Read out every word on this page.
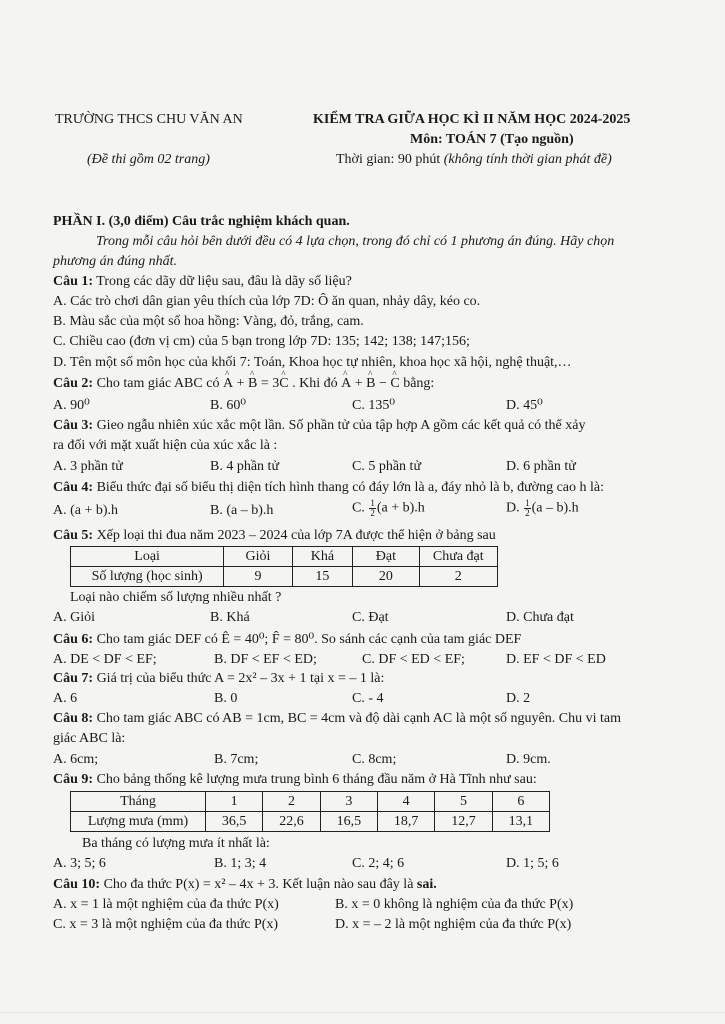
TRƯỜNG THCS CHU VĂN AN	KIỂM TRA GIỮA HỌC KÌ II NĂM HỌC 2024-2025
Môn: TOÁN 7 (Tạo nguồn)
(Đề thi gồm 02 trang)	Thời gian: 90 phút (không tính thời gian phát đề)
PHẦN I. (3,0 điểm) Câu trắc nghiệm khách quan.
Trong mỗi câu hỏi bên dưới đều có 4 lựa chọn, trong đó chỉ có 1 phương án đúng. Hãy chọn
phương án đúng nhất.
Câu 1: Trong các dãy dữ liệu sau, đâu là dãy số liệu?
A. Các trò chơi dân gian yêu thích của lớp 7D: Ô ăn quan, nhảy dây, kéo co.
B. Màu sắc của một số hoa hồng: Vàng, đỏ, trắng, cam.
C. Chiều cao (đơn vị cm) của 5 bạn trong lớp 7D: 135; 142; 138; 147;156;
D. Tên một số môn học của khối 7: Toán, Khoa học tự nhiên, khoa học xã hội, nghệ thuật,…
Câu 2: Cho tam giác ABC có ^ A + ^ B = 3^ C . Khi đó ^ A + ^ B − ^ C bằng:
A. 90⁰	B. 60⁰	C. 135⁰	D. 45⁰
Câu 3: Gieo ngẫu nhiên xúc xắc một lần. Số phần tử của tập hợp A gồm các kết quả có thể xảy
ra đối với mặt xuất hiện của xúc xắc là :
A. 3 phần tử	B. 4 phần tử	C. 5 phần tử	D. 6 phần tử
Câu 4: Biểu thức đại số biểu thị diện tích hình thang có đáy lớn là a, đáy nhỏ là b, đường cao h là:
A. (a + b).h	B. (a – b).h	C. $\frac{1}{2} (a + b).h$	D. $\frac{1}{2} (a - b).h$
Câu 5: Xếp loại thi đua năm 2023 – 2024 của lớp 7A được thể hiện ở bảng sau
Loại	Giỏi	Khá	Đạt	Chưa đạt
Số lượng (học sinh)	9	15	20	2
Loại nào chiếm số lượng nhiều nhất ?
A. Giỏi	B. Khá	C. Đạt	D. Chưa đạt
Câu 6: Cho tam giác DEF có Ê = 40⁰; F̂ = 80⁰. So sánh các cạnh của tam giác DEF
A. DE < DF < EF;	B. DF < EF < ED;	C. DF < ED < EF;	D. EF < DF < ED
Câu 7: Giá trị của biểu thức A = 2x² – 3x + 1 tại x = – 1 là:
A. 6	B. 0	C. - 4	D. 2
Câu 8: Cho tam giác ABC có AB = 1cm, BC = 4cm và độ dài cạnh AC là một số nguyên. Chu vi tam
giác ABC là:
A. 6cm;	B. 7cm;	C. 8cm;	D. 9cm.
Câu 9: Cho bảng thống kê lượng mưa trung bình 6 tháng đầu năm ở Hà Tĩnh như sau:
Tháng	1	2	3	4	5	6
Lượng mưa (mm)	36,5	22,6	16,5	18,7	12,7	13,1
Ba tháng có lượng mưa ít nhất là:
A. 3; 5; 6	B. 1; 3; 4	C. 2; 4; 6	D. 1; 5; 6
Câu 10: Cho đa thức P(x) = x² – 4x + 3. Kết luận nào sau đây là sai.
A. x = 1 là một nghiệm của đa thức P(x)	B. x = 0 không là nghiệm của đa thức P(x)
C. x = 3 là một nghiệm của đa thức P(x)	D. x = – 2 là một nghiệm của đa thức P(x)
